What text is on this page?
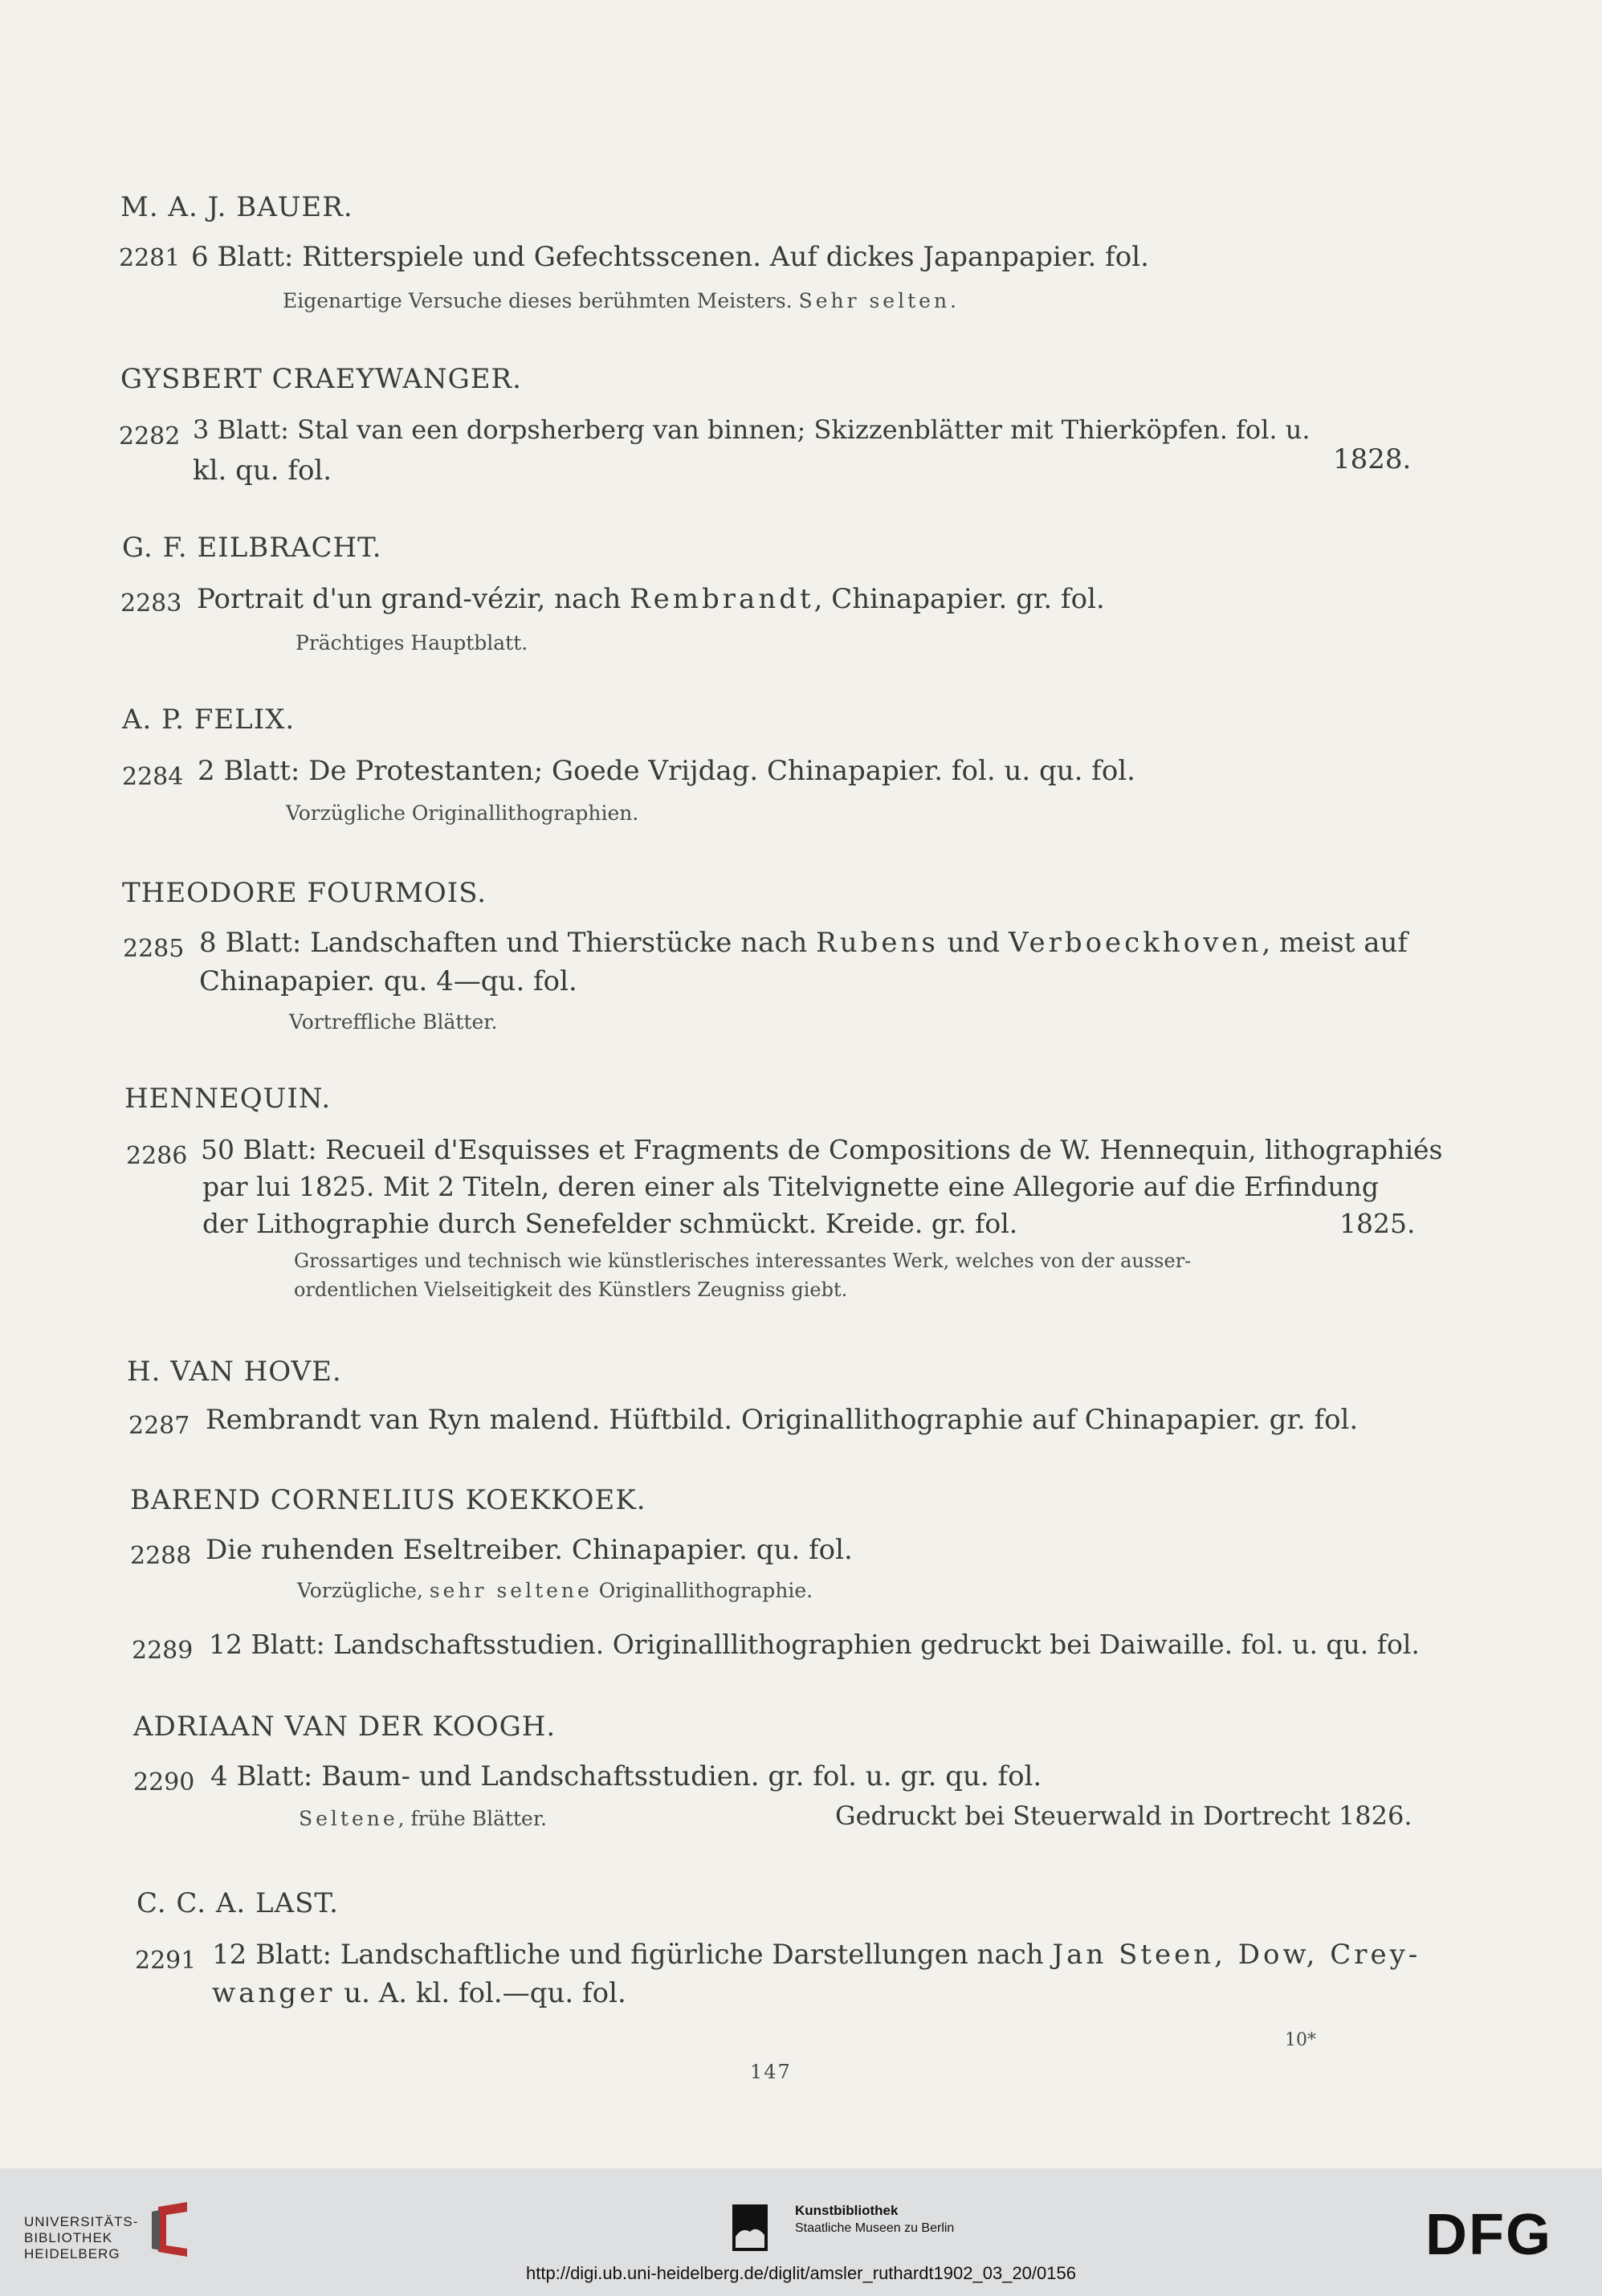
M. A. J. BAUER.
2281 6 Blatt: Ritterspiele und Gefechtsscenen. Auf dickes Japanpapier. fol.
Eigenartige Versuche dieses berühmten Meisters. Sehr selten.
GYSBERT CRAEYWANGER.
2282 3 Blatt: Stal van een dorpsherberg van binnen; Skizzenblätter mit Thierköpfen. fol. u.
kl. qu. fol.	1828.
G. F. EILBRACHT.
2283 Portrait d'un grand-vézir, nach Rembrandt, Chinapapier. gr. fol.
Prächtiges Hauptblatt.
A. P. FELIX.
2284 2 Blatt: De Protestanten; Goede Vrijdag. Chinapapier. fol. u. qu. fol.
Vorzügliche Originallithographien.
THEODORE FOURMOIS.
2285 8 Blatt: Landschaften und Thierstücke nach Rubens und Verboeckhoven, meist auf
Chinapapier. qu. 4—qu. fol.
Vortreffliche Blätter.
HENNEQUIN.
2286 50 Blatt: Recueil d'Esquisses et Fragments de Compositions de W. Hennequin, lithographiés
par lui 1825. Mit 2 Titeln, deren einer als Titelvignette eine Allegorie auf die Erfindung
der Lithographie durch Senefelder schmückt. Kreide. gr. fol.	1825.
Grossartiges und technisch wie künstlerisches interessantes Werk, welches von der ausser-
ordentlichen Vielseitigkeit des Künstlers Zeugniss giebt.
H. VAN HOVE.
2287 Rembrandt van Ryn malend. Hüftbild. Originallithographie auf Chinapapier. gr. fol.
BAREND CORNELIUS KOEKKOEK.
2288 Die ruhenden Eseltreiber. Chinapapier. qu. fol.
Vorzügliche, sehr seltene Originallithographie.
2289 12 Blatt: Landschaftsstudien. Originalllithographien gedruckt bei Daiwaille. fol. u. qu. fol.
ADRIAAN VAN DER KOOGH.
2290 4 Blatt: Baum- und Landschaftsstudien. gr. fol. u. gr. qu. fol.
Seltene, frühe Blätter.	Gedruckt bei Steuerwald in Dortrecht 1826.
C. C. A. LAST.
2291 12 Blatt: Landschaftliche und figürliche Darstellungen nach Jan Steen, Dow, Crey-
wanger u. A. kl. fol.—qu. fol.
10*
147
UNIVERSITÄTS-
BIBLIOTHEK
HEIDELBERG
Kunstbibliothek
Staatliche Museen zu Berlin	DFG
http://digi.ub.uni-heidelberg.de/diglit/amsler_ruthardt1902_03_20/0156
